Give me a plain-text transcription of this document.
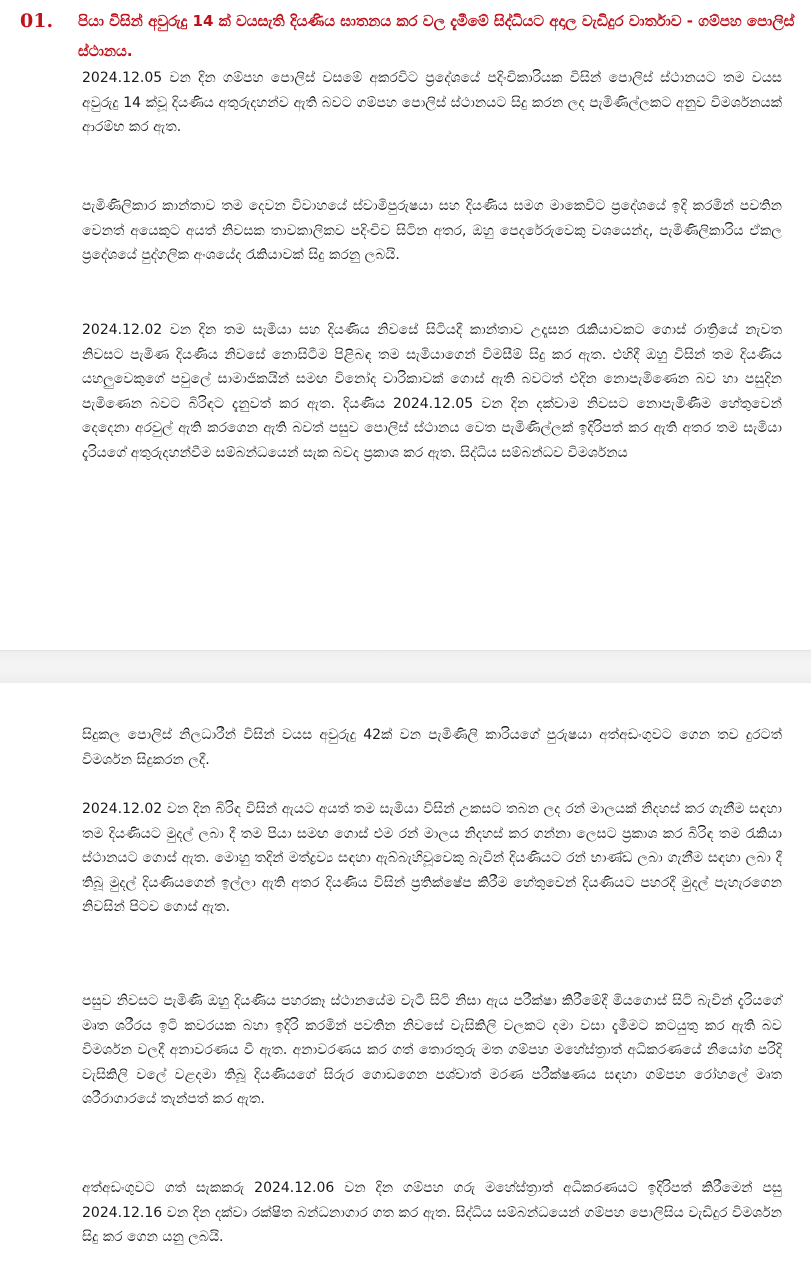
01.	පියා විසින් අවුරුදු 14 ක් වයසැති දියණිය ඝාතනය කර වල දැමීමේ සිද්ධියට අදාල වැඩිදුර වාර්තාව - ගම්පහ පොලිස් ස්ථානය.

2024.12.05 වන දින ගම්පහ පොලිස් වසමේ අකරවිට ප්‍රදේශයේ පදිංචිකාරියක විසින් පොලිස් ස්ථානයට තම වයස අවුරුදු 14 ක්වූ දියණිය අතුරුදහන්ව ඇති බවට ගම්පහ පොලිස් ස්ථානයට සිදු කරන ලද පැමිණිල්ලකට අනුව විමර්ශනයක් ආරම්භ කර ඇත.

පැමිණිලිකාර කාන්තාව තම දෙවන විවාහයේ ස්වාමිපුරුෂයා සහ දියණිය සමග මාකෙවිට ප්‍රදේශයේ ඉදි කරමින් පවතින වෙනත් අයෙකුට අයත් නිවසක තාවකාලිකව පදිංචිව සිටින අතර, ඔහු පෙදරේරුවෙකු වශයෙන්ද, පැමිණිලිකාරිය ඒකල ප්‍රදේශයේ පුද්ගලික අංශයේද රැකියාවක් සිදු කරනු ලබයි.

2024.12.02 වන දින තම සැමියා සහ දියණිය නිවසේ සිටියදී කාන්තාව උදෑසන රැකියාවකට ගොස් රාත්‍රියේ නැවත නිවසට පැමිණ දියණිය නිවසේ නොසිටීම පිළිබඳ තම සැමියාගෙන් විමසීම් සිදු කර ඇත. එහිදී ඔහු විසින් තම දියණිය යහලුවෙකුගේ පවුලේ සාමාජිකයින් සමඟ විනෝද චාරිකාවක් ගොස් ඇති බවටත් එදින නොපැමිණෙන බව හා පසුදින පැමිණෙන බවට බිරිඳට දැනුවත් කර ඇත. දියණිය 2024.12.05 වන දින දක්වාම නිවසට නොපැමිණීම හේතුවෙන් දෙදෙනා අරවුල් ඇති කරගෙන ඇති බවත් පසුව පොලිස් ස්ථානය වෙත පැමිණිල්ලක් ඉදිරිපත් කර ඇති අතර තම සැමියා දැරියගේ අතුරුදහන්වීම සම්බන්ධයෙන් සැක බවද ප්‍රකාශ කර ඇත. සිද්ධිය සම්බන්ධව විමර්ශනය

සිදුකල පොලිස් නිලධාරීන් විසින් වයස අවුරුදු 42ක් වන පැමිණිලි කාරියගේ පුරුෂයා අත්අඩංගුවට ගෙන තව දුරටත් විමර්ශන සිදුකරන ලදී.

2024.12.02 වන දින බිරිඳ විසින් ඇයට අයත් තම සැමියා විසින් උකසට තබන ලද රන් මාලයක් නිදහස් කර ගැනීම සඳහා තම දියණියට මුදල් ලබා දී තම පියා සමඟ ගොස් එම රන් මාලය නිදහස් කර ගන්නා ලෙසට ප්‍රකාශ කර බිරිඳ තම රැකියා ස්ථානයට ගොස් ඇත. මොහු තදින් මත්ද්‍රව්‍ය සඳහා ඇබ්බැහිවූවෙකු බැවින් දියණියට රන් භාණ්ඩ ලබා ගැනීම සඳහා ලබා දී තිබූ මුදල් දියණියගෙන් ඉල්ලා ඇති අතර දියණිය විසින් ප්‍රතික්ෂේප කිරීම හේතුවෙන් දියණියට පහරදී මුදල් පැහැරගෙන නිවසින් පිටව ගොස් ඇත.

පසුව නිවසට පැමිණි ඔහු දියණිය පහරකෑ ස්ථානයේම වැටී සිටි නිසා ඇය පරීක්ෂා කිරීමේදී මියගොස් සිටි බැවින් දැරියගේ මෘත ශරීරය ඉටි කවරයක බහා ඉදිරි කරමින් පවතින නිවසේ වැසිකිලි වලකට දමා වසා දැමීමට කටයුතු කර ඇති බව විමර්ශන වලදී අනාවරණය වී ඇත. අනාවරණය කර ගත් තොරතුරු මත ගම්පහ මහේස්ත්‍රාත් අධිකරණයේ නියෝග පරිදි වැසිකිලි වලේ වළදමා තිබූ දියණියගේ සිරුර ගොඩගෙන පශ්චාත් මරණ පරීක්ෂණය සඳහා ගම්පහ රෝහලේ මෘත ශරීරාගාරයේ තැන්පත් කර ඇත.

අත්අඩංගුවට ගත් සැකකරු 2024.12.06 වන දින ගම්පහ ගරු මහේස්ත්‍රාත් අධිකරණයට ඉදිරිපත් කිරීමෙන් පසු 2024.12.16 වන දින දක්වා රක්ෂිත බන්ධනාගාර ගත කර ඇත. සිද්ධිය සම්බන්ධයෙන් ගම්පහ පොලිසිය වැඩිදුර විමර්ශන සිදු කර ගෙන යනු ලබයි.
